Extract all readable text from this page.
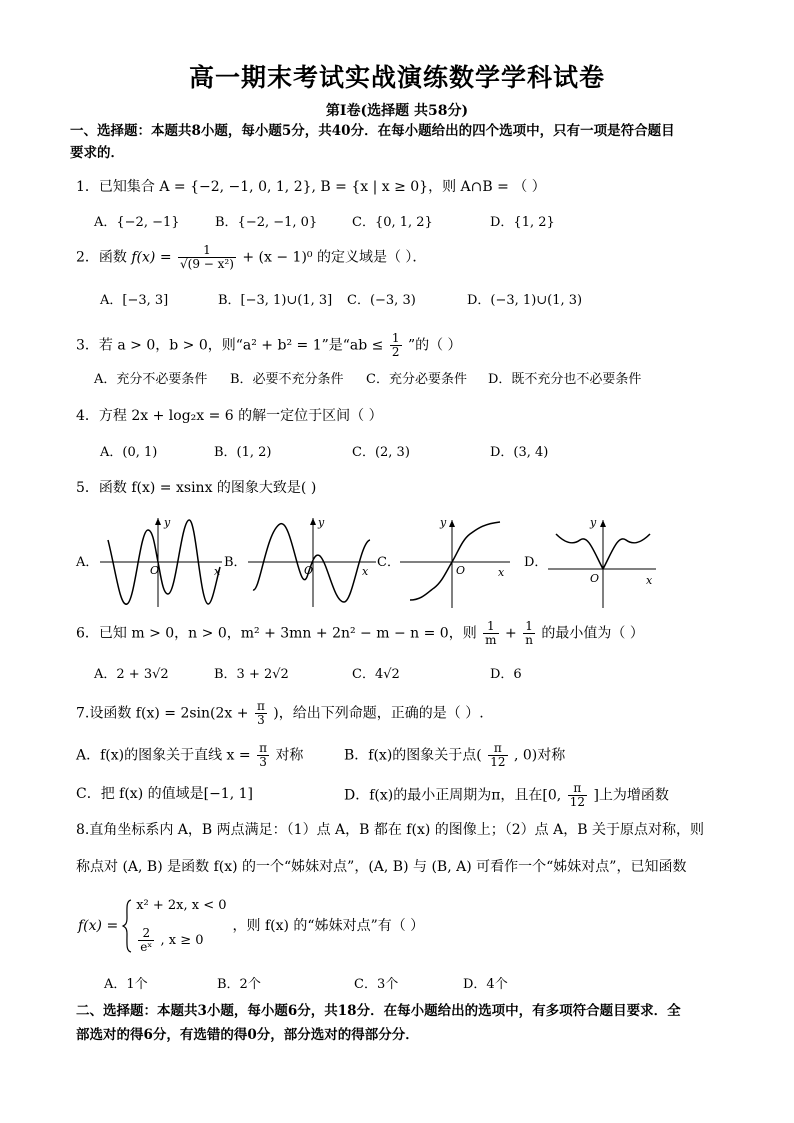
高一期末考试实战演练数学学科试卷
第Ⅰ卷(选择题 共58分)
一、选择题：本题共8小题，每小题5分，共40分．在每小题给出的四个选项中，只有一项是符合题目
要求的．
1．已知集合 A = {−2, −1, 0, 1, 2}, B = {x | x ≥ 0}，则 A∩B = （ ）
A．{−2, −1}	B．{−2, −1, 0}	C．{0, 1, 2}	D．{1, 2}
2．函数 $f(x) = \frac{1}{\text{√(9 − x²)}} + (x - 1)^0$ 的定义域是（ ）．
A．[−3, 3]	B．[−3, 1)∪(1, 3] C．(−3, 3)	D．(−3, 1)∪(1, 3)
3．若 a > 0，b > 0，则“a² + b² = 1”是“ab ≤ $\frac{1}{2}$ ”的（ ）
A．充分不必要条件 B．必要不充分条件 C．充分必要条件 D．既不充分也不必要条件
4．方程 2x + log₂x = 6 的解一定位于区间（ ）
A．(0, 1)	B．(1, 2)	C．(2, 3)	D．(3, 4)
5．函数 f(x) = xsinx 的图象大致是( )
A．	B．	C．	D．
y
O	x
y
O	x
y
O	x
y
O	x
6．已知 m > 0，n > 0，m² + 3mn + 2n² − m − n = 0，则 $\frac{1}{m} + \frac{1}{n}$ 的最小值为（ ）
A．2 + 3√2	B．3 + 2√2	C．4√2	D．6
7.设函数 $f(x) = 2\sin(2x + \frac{\pi}{3}$ )，给出下列命题，正确的是（ ）.
A．f(x)的图象关于直线 $x = \frac{\pi}{3}$ 对称	B．f(x)的图象关于点( $\frac{\pi}{12}$ , 0)对称
C．把 f(x) 的值域是[−1, 1]	D．f(x)的最小正周期为π，且在[0, $\frac{\pi}{12}$ ]上为增函数
8.直角坐标系内 A，B 两点满足：（1）点 A，B 都在 f(x) 的图像上；（2）点 A，B 关于原点对称，则
称点对 (A, B) 是函数 f(x) 的一个“姊妹对点”，(A, B) 与 (B, A) 可看作一个“姊妹对点”，已知函数
f(x) =
x² + 2x, x < 0
$\frac{2}{\text{eˣ}}$ , x ≥ 0
，则 f(x) 的“姊妹对点”有（ ）
A．1个	B．2个	C．3个	D．4个
二、选择题：本题共3小题，每小题6分，共18分．在每小题给出的选项中，有多项符合题目要求．全
部选对的得6分，有选错的得0分，部分选对的得部分分．
